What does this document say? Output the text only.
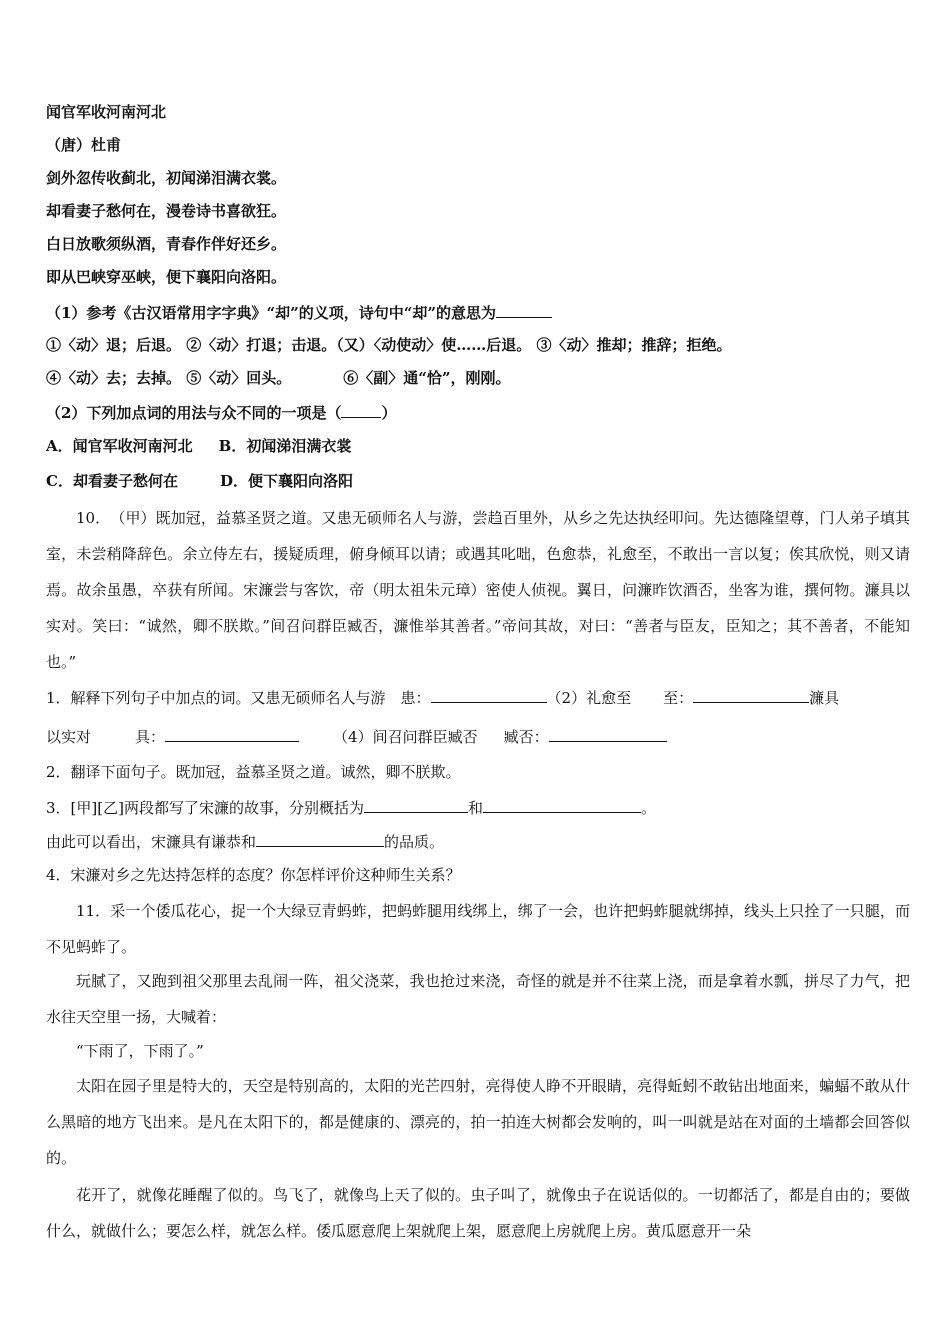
闻官军收河南河北
（唐）杜甫
剑外忽传收蓟北，初闻涕泪满衣裳。
却看妻子愁何在，漫卷诗书喜欲狂。
白日放歌须纵酒，青春作伴好还乡。
即从巴峡穿巫峡，便下襄阳向洛阳。
（1）参考《古汉语常用字字典》“却”的义项，诗句中“却”的意思为
①〈动〉退；后退。 ②〈动〉打退；击退。（又）〈动使动〉使……后退。 ③〈动〉推却；推辞；拒绝。
④〈动〉去；去掉。 ⑤〈动〉回头。	⑥〈副〉通“恰”，刚刚。
（2）下列加点词的用法与众不同的一项是（	）
A．闻官军收河南河北 B．初闻涕泪满衣裳
C．却看妻子愁何在	D．便下襄阳向洛阳
10．　（甲）既加冠，益慕圣贤之道。又患无硕师名人与游，尝趋百里外，从乡之先达执经叩问。先达德隆望尊，门人弟子填其室，未尝稍降辞色。余立侍左右，援疑质理，俯身倾耳以请；或遇其叱咄，色愈恭，礼愈至，不敢出一言以复；俟其欣悦，则又请焉。故余虽愚，卒获有所闻。宋濂尝与客饮，帝（明太祖朱元璋）密使人侦视。翼日，问濂昨饮酒否，坐客为谁，撰何物。濂具以实对。笑曰：“诚然，卿不朕欺。”间召问群臣臧否，濂惟举其善者。”帝问其故，对曰：“善者与臣友，臣知之；其不善者，不能知也。”
1．解释下列句子中加点的词。又患无硕师名人与游　患：	（2）礼愈至 至：	濂具
以实对	具：	（4）间召问群臣臧否 臧否：
2．翻译下面句子。既加冠，益慕圣贤之道。诚然，卿不朕欺。
3．[甲][乙]两段都写了宋濂的故事，分别概括为	和	。
由此可以看出，宋濂具有谦恭和	的品质。
4．宋濂对乡之先达持怎样的态度？你怎样评价这种师生关系？
11．采一个倭瓜花心，捉一个大绿豆青蚂蚱，把蚂蚱腿用线绑上，绑了一会，也许把蚂蚱腿就绑掉，线头上只拴了一只腿，而不见蚂蚱了。
玩腻了，又跑到祖父那里去乱闹一阵，祖父浇菜，我也抢过来浇，奇怪的就是并不往菜上浇，而是拿着水瓢，拼尽了力气，把水往天空里一扬，大喊着：
“下雨了，下雨了。”
太阳在园子里是特大的，天空是特别高的，太阳的光芒四射，亮得使人睁不开眼睛，亮得蚯蚓不敢钻出地面来，蝙蝠不敢从什么黑暗的地方飞出来。是凡在太阳下的，都是健康的、漂亮的，拍一拍连大树都会发响的，叫一叫就是站在对面的土墙都会回答似的。
花开了，就像花睡醒了似的。鸟飞了，就像鸟上天了似的。虫子叫了，就像虫子在说话似的。一切都活了，都是自由的；要做什么，就做什么；要怎么样，就怎么样。倭瓜愿意爬上架就爬上架，愿意爬上房就爬上房。黄瓜愿意开一朵
